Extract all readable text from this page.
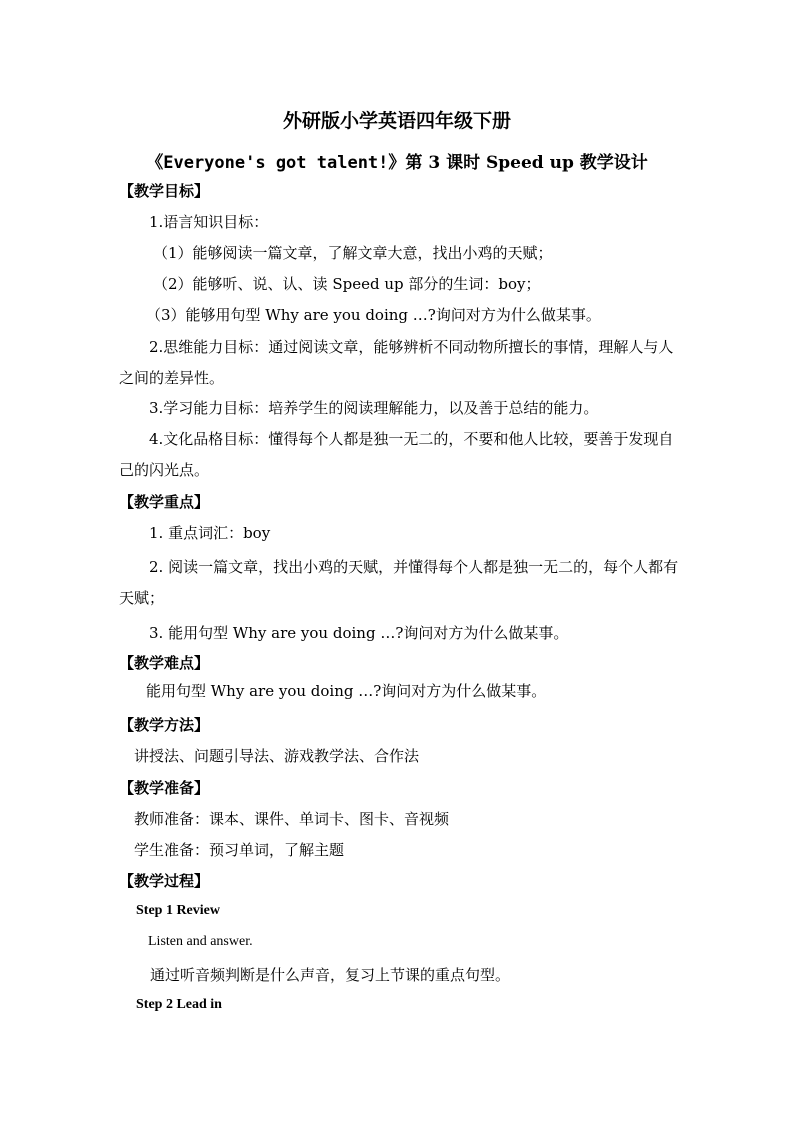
外研版小学英语四年级下册
《Everyone's got talent!》第 3 课时 Speed up 教学设计
【教学目标】
1.语言知识目标：
（1）能够阅读一篇文章，了解文章大意，找出小鸡的天赋；
（2）能够听、说、认、读 Speed up 部分的生词：boy；
（3）能够用句型 Why are you doing …?询问对方为什么做某事。
2.思维能力目标：通过阅读文章，能够辨析不同动物所擅长的事情，理解人与人之间的差异性。
3.学习能力目标：培养学生的阅读理解能力，以及善于总结的能力。
4.文化品格目标：懂得每个人都是独一无二的，不要和他人比较，要善于发现自己的闪光点。
【教学重点】
1. 重点词汇：boy
2. 阅读一篇文章，找出小鸡的天赋，并懂得每个人都是独一无二的，每个人都有天赋；
3. 能用句型 Why are you doing …?询问对方为什么做某事。
【教学难点】
能用句型 Why are you doing …?询问对方为什么做某事。
【教学方法】
讲授法、问题引导法、游戏教学法、合作法
【教学准备】
教师准备：课本、课件、单词卡、图卡、音视频
学生准备：预习单词，了解主题
【教学过程】
Step 1 Review
Listen and answer.
通过听音频判断是什么声音，复习上节课的重点句型。
Step 2 Lead in
